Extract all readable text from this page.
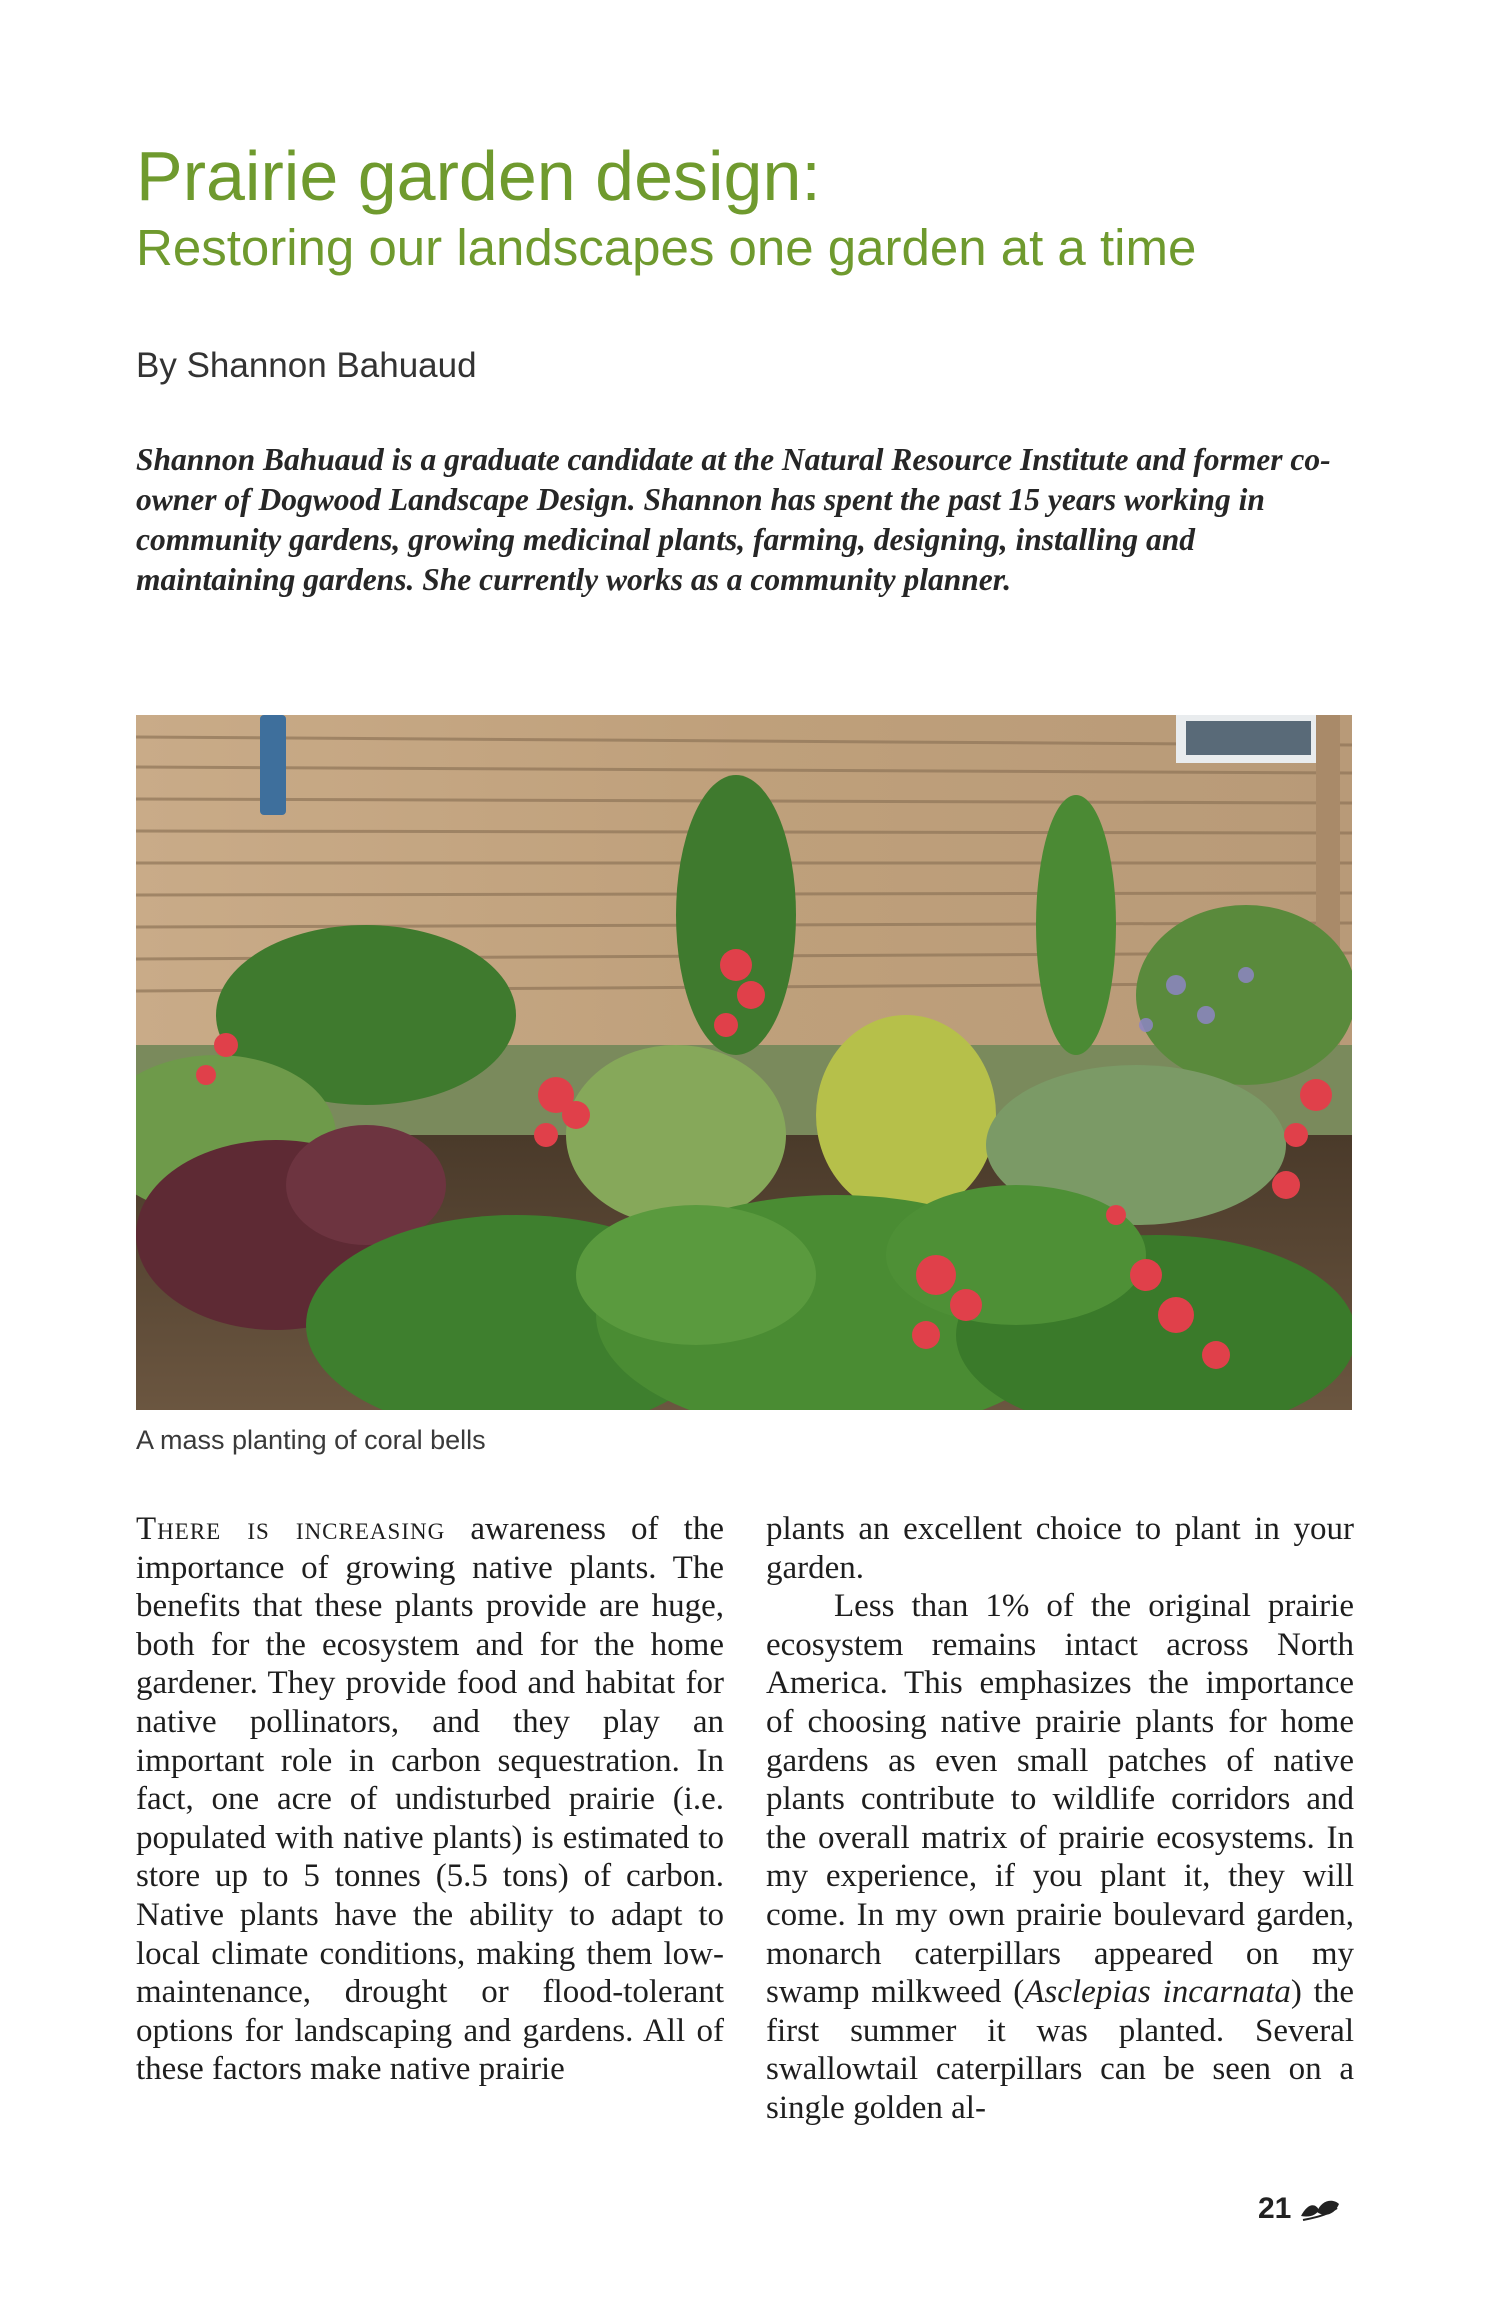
Prairie garden design:
Restoring our landscapes one garden at a time
By Shannon Bahuaud

Shannon Bahuaud is a graduate candidate at the Natural Resource Institute and former co-owner of Dogwood Landscape Design. Shannon has spent the past 15 years working in community gardens, growing medicinal plants, farming, designing, installing and maintaining gardens. She currently works as a community planner.

A mass planting of coral bells

There is increasing awareness of the importance of growing native plants. The benefits that these plants provide are huge, both for the ecosystem and for the home gardener. They provide food and habitat for native pollinators, and they play an important role in carbon sequestration. In fact, one acre of undisturbed prairie (i.e. populated with native plants) is estimated to store up to 5 tonnes (5.5 tons) of carbon. Native plants have the ability to adapt to local climate conditions, making them low-maintenance, drought or flood-tolerant options for landscaping and gardens. All of these factors make native prairie

plants an excellent choice to plant in your garden.

Less than 1% of the original prairie ecosystem remains intact across North America. This emphasizes the importance of choosing native prairie plants for home gardens as even small patches of native plants contribute to wildlife corridors and the overall matrix of prairie ecosystems. In my experience, if you plant it, they will come. In my own prairie boulevard garden, monarch caterpillars appeared on my swamp milkweed (Asclepias incarnata) the first summer it was planted. Several swallowtail caterpillars can be seen on a single golden al-

21
